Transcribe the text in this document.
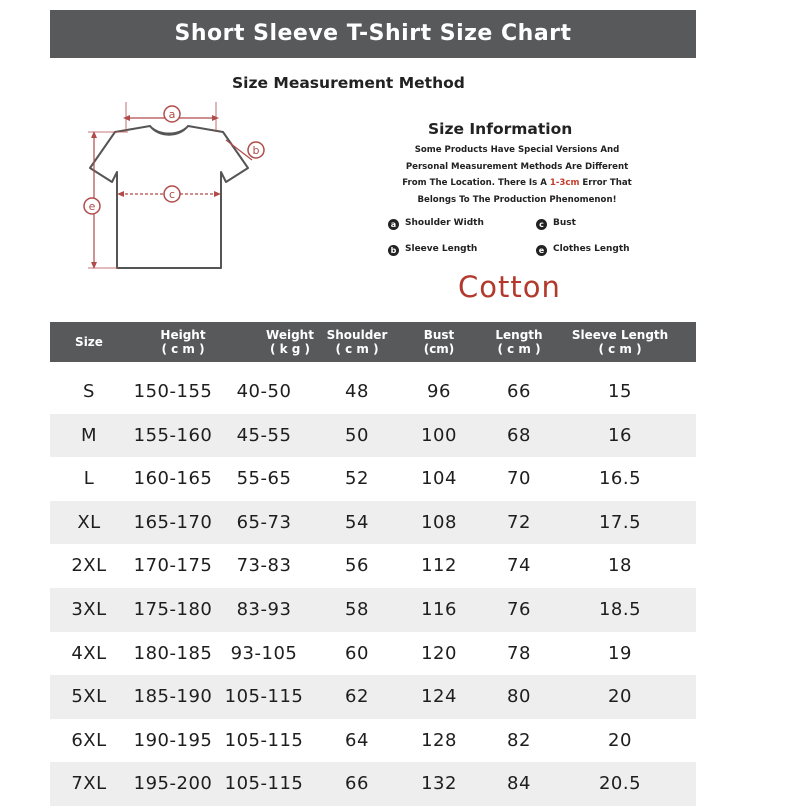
Short Sleeve T-Shirt Size Chart
Size Measurement Method
a
b
c
e
Size Information
Some Products Have Special Versions And
Personal Measurement Methods Are Different
From The Location. There Is A 1-3cm Error That
Belongs To The Production Phenomenon!
a Shoulder Width	c Bust
b Sleeve Length	e Clothes Length
Cotton
Size	Height
( c m )
Weight
( k g )
Shoulder
( c m )
Bust
(cm)
Length
( c m )
Sleeve Length
( c m )
S	150-155	40-50	48	96	66	15
M	155-160	45-55	50	100	68	16
L	160-165	55-65	52	104	70	16.5
XL	165-170	65-73	54	108	72	17.5
2XL	170-175	73-83	56	112	74	18
3XL	175-180	83-93	58	116	76	18.5
4XL	180-185	93-105	60	120	78	19
5XL	185-190 105-115	62	124	80	20
6XL	190-195 105-115	64	128	82	20
7XL	195-200 105-115	66	132	84	20.5
